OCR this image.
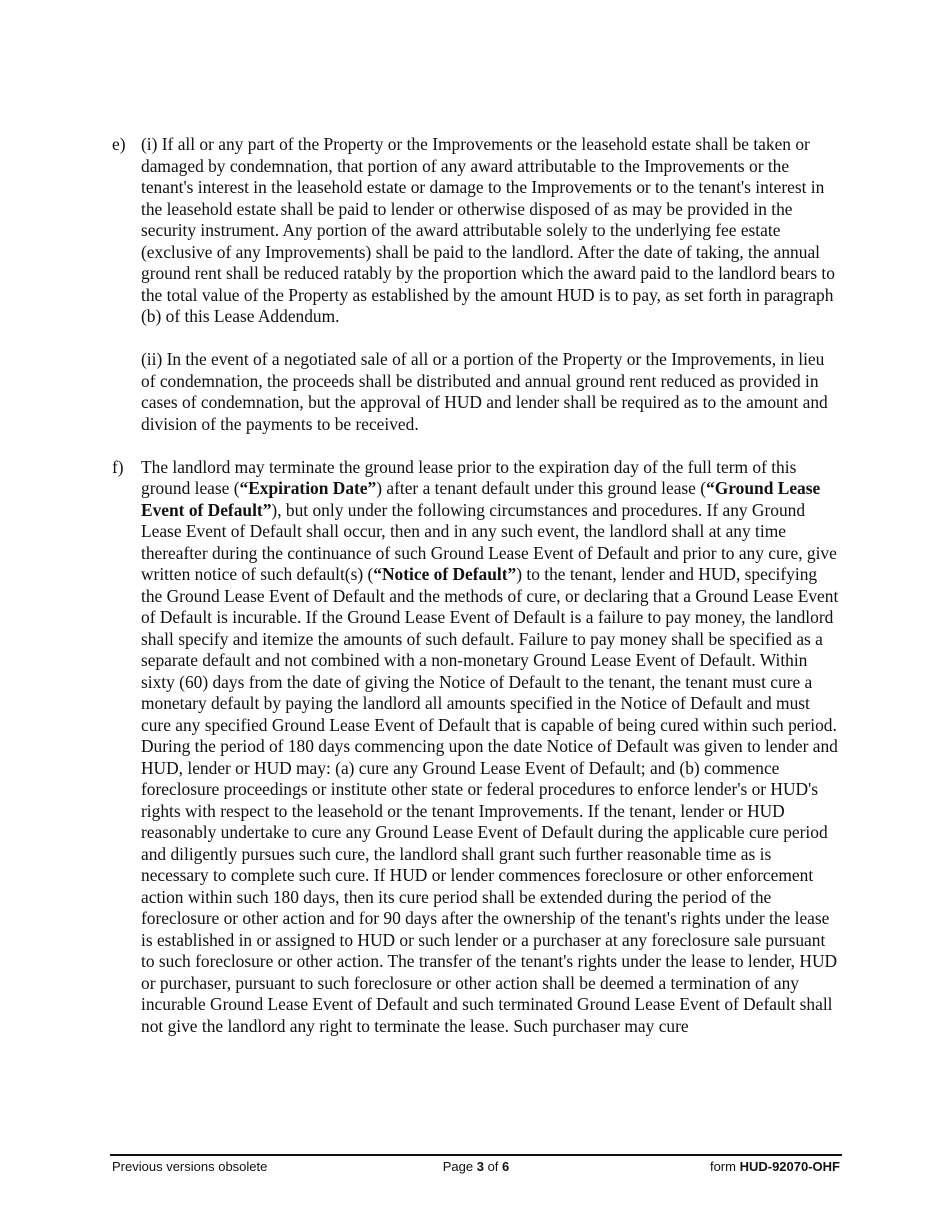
e) (i) If all or any part of the Property or the Improvements or the leasehold estate shall be taken or damaged by condemnation, that portion of any award attributable to the Improvements or the tenant's interest in the leasehold estate or damage to the Improvements or to the tenant's interest in the leasehold estate shall be paid to lender or otherwise disposed of as may be provided in the security instrument. Any portion of the award attributable solely to the underlying fee estate (exclusive of any Improvements) shall be paid to the landlord. After the date of taking, the annual ground rent shall be reduced ratably by the proportion which the award paid to the landlord bears to the total value of the Property as established by the amount HUD is to pay, as set forth in paragraph (b) of this Lease Addendum.

(ii) In the event of a negotiated sale of all or a portion of the Property or the Improvements, in lieu of condemnation, the proceeds shall be distributed and annual ground rent reduced as provided in cases of condemnation, but the approval of HUD and lender shall be required as to the amount and division of the payments to be received.

f) The landlord may terminate the ground lease prior to the expiration day of the full term of this ground lease (“Expiration Date”) after a tenant default under this ground lease (“Ground Lease Event of Default”), but only under the following circumstances and procedures. If any Ground Lease Event of Default shall occur, then and in any such event, the landlord shall at any time thereafter during the continuance of such Ground Lease Event of Default and prior to any cure, give written notice of such default(s) (“Notice of Default”) to the tenant, lender and HUD, specifying the Ground Lease Event of Default and the methods of cure, or declaring that a Ground Lease Event of Default is incurable. If the Ground Lease Event of Default is a failure to pay money, the landlord shall specify and itemize the amounts of such default. Failure to pay money shall be specified as a separate default and not combined with a non-monetary Ground Lease Event of Default. Within sixty (60) days from the date of giving the Notice of Default to the tenant, the tenant must cure a monetary default by paying the landlord all amounts specified in the Notice of Default and must cure any specified Ground Lease Event of Default that is capable of being cured within such period. During the period of 180 days commencing upon the date Notice of Default was given to lender and HUD, lender or HUD may: (a) cure any Ground Lease Event of Default; and (b) commence foreclosure proceedings or institute other state or federal procedures to enforce lender's or HUD's rights with respect to the leasehold or the tenant Improvements. If the tenant, lender or HUD reasonably undertake to cure any Ground Lease Event of Default during the applicable cure period and diligently pursues such cure, the landlord shall grant such further reasonable time as is necessary to complete such cure. If HUD or lender commences foreclosure or other enforcement action within such 180 days, then its cure period shall be extended during the period of the foreclosure or other action and for 90 days after the ownership of the tenant's rights under the lease is established in or assigned to HUD or such lender or a purchaser at any foreclosure sale pursuant to such foreclosure or other action. The transfer of the tenant's rights under the lease to lender, HUD or purchaser, pursuant to such foreclosure or other action shall be deemed a termination of any incurable Ground Lease Event of Default and such terminated Ground Lease Event of Default shall not give the landlord any right to terminate the lease. Such purchaser may cure

Previous versions obsolete	Page 3 of 6	form HUD-92070-OHF
